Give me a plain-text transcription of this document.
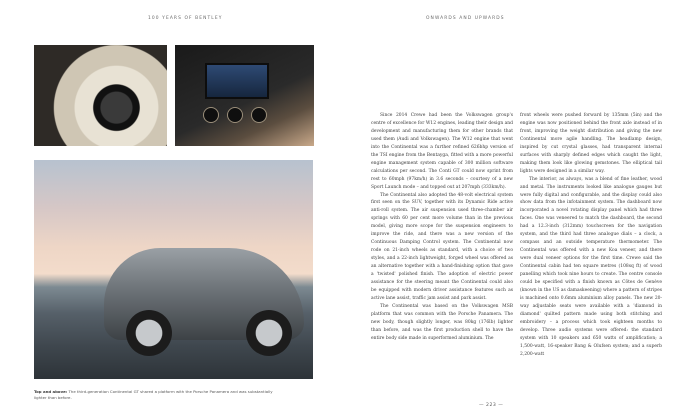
100 YEARS OF BENTLEY	ONWARDS AND UPWARDS
Top and above: The third-generation Continental GT shared a platform with the Porsche Panamera and was substantially lighter than before.

Since 2014 Crewe had been the Volkswagen group's centre of excellence for W12 engines, leading their design and development and manufacturing them for other brands that used them (Audi and Volkswagen). The W12 engine that went into the Continental was a further refined 626bhp version of the TSI engine from the Bentayga, fitted with a more powerful engine management system capable of 300 million software calculations per second. The Conti GT could now sprint from rest to 60mph (97km/h) in 3.6 seconds – courtesy of a new Sport Launch mode – and topped out at 207mph (333km/h).

The Continental also adopted the 48-volt electrical system first seen on the SUV, together with its Dynamic Ride active anti-roll system. The air suspension used three-chamber air springs with 60 per cent more volume than in the previous model, giving more scope for the suspension engineers to improve the ride, and there was a new version of the Continuous Damping Control system. The Continental now rode on 21-inch wheels as standard, with a choice of two styles, and a 22-inch lightweight, forged wheel was offered as an alternative together with a hand-finishing option that gave a 'twisted' polished finish. The adoption of electric power assistance for the steering meant the Continental could also be equipped with modern driver assistance features such as active lane assist, traffic jam assist and park assist.

The Continental was based on the Volkswagen MSB platform that was common with the Porsche Panamera. The new body, though slightly longer, was 80kg (176lb) lighter than before, and was the first production shell to have the entire body side made in superformed aluminium. The

front wheels were pushed forward by 135mm (5in) and the engine was now positioned behind the front axle instead of in front, improving the weight distribution and giving the new Continental more agile handling. The headlamp design, inspired by cut crystal glasses, had transparent internal surfaces with sharply defined edges which caught the light, making them look like glowing gemstones. The elliptical tail lights were designed in a similar way.

The interior, as always, was a blend of fine leather, wood and metal. The instruments looked like analogue gauges but were fully digital and configurable, and the display could also show data from the infotainment system. The dashboard now incorporated a novel rotating display panel which had three faces. One was veneered to match the dashboard, the second had a 12.3-inch (312mm) touchscreen for the navigation system, and the third had three analogue dials – a clock, a compass and an outside temperature thermometer. The Continental was offered with a new Koa veneer, and there were dual veneer options for the first time. Crewe said the Continental cabin had ten square metres (108sq ft) of wood panelling which took nine hours to create. The centre console could be specified with a finish known as Côtes de Genève (known in the US as damaskeening) where a pattern of stripes is machined onto 0.6mm aluminium alloy panels. The new 20-way adjustable seats were available with a 'diamond in diamond' quilted pattern made using both stitching and embroidery – a process which took eighteen months to develop. Three audio systems were offered: the standard system with 10 speakers and 650 watts of amplification; a 1,500-watt, 16-speaker Bang & Olufsen system; and a superb 2,200-watt

— 223 —
